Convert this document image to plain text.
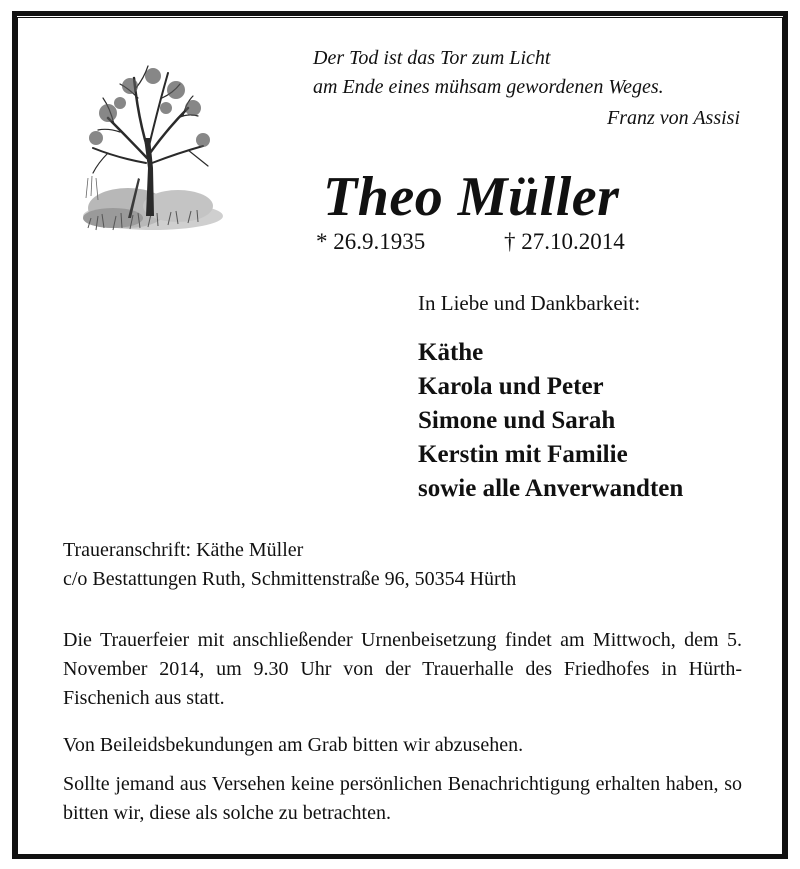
Der Tod ist das Tor zum Licht
am Ende eines mühsam gewordenen Weges.
Franz von Assisi
Theo Müller
* 26.9.1935	† 27.10.2014
In Liebe und Dankbarkeit:
Käthe
Karola und Peter
Simone und Sarah
Kerstin mit Familie
sowie alle Anverwandten
Traueranschrift: Käthe Müller
c/o Bestattungen Ruth, Schmittenstraße 96, 50354 Hürth
Die Trauerfeier mit anschließender Urnenbeisetzung findet am Mittwoch, dem 5. November 2014, um 9.30 Uhr von der Trauerhalle des Friedhofes in Hürth-Fischenich aus statt.
Von Beileidsbekundungen am Grab bitten wir abzusehen.
Sollte jemand aus Versehen keine persönlichen Benachrichtigung erhalten haben, so bitten wir, diese als solche zu betrachten.
